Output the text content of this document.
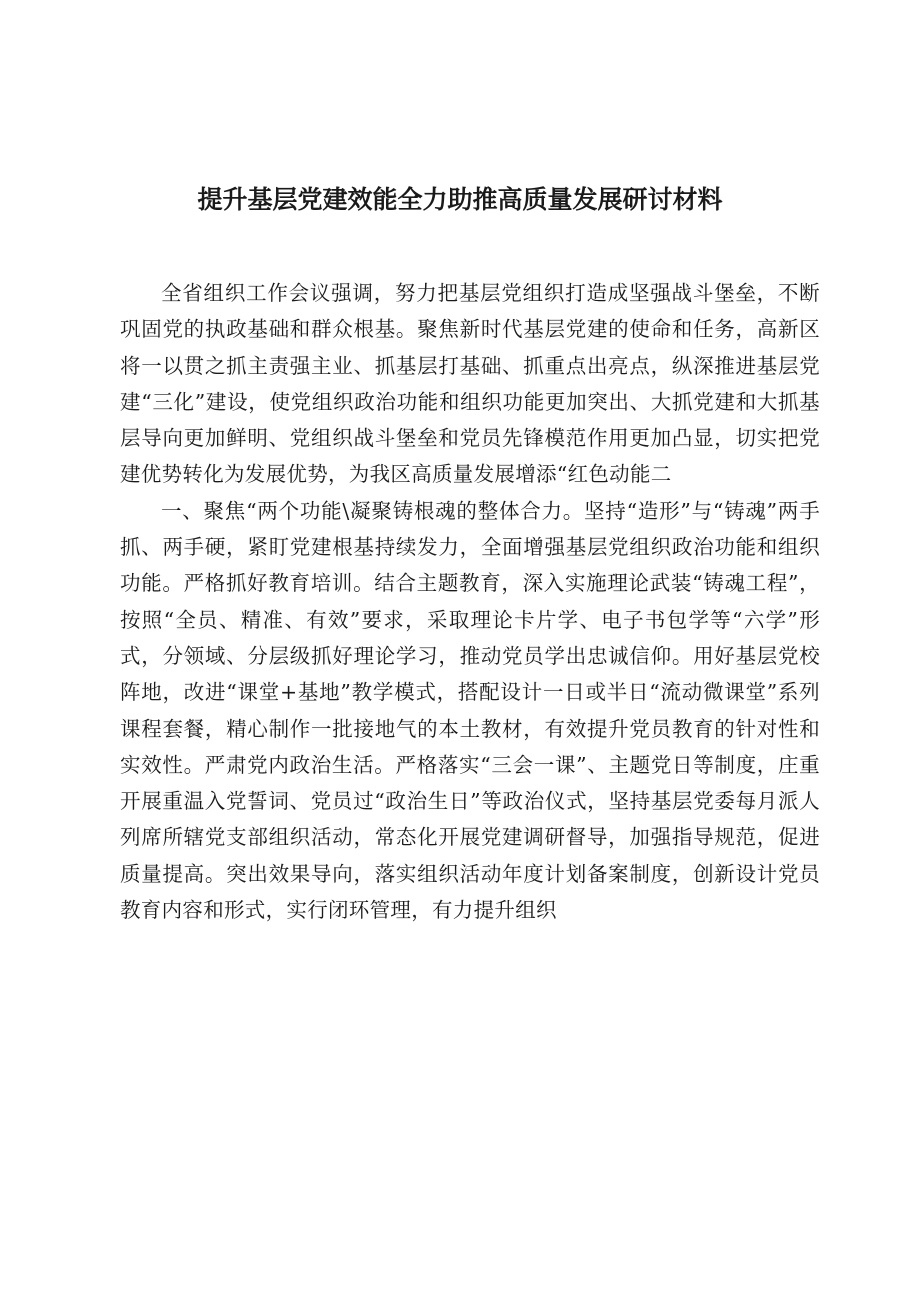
提升基层党建效能全力助推高质量发展研讨材料

全省组织工作会议强调，努力把基层党组织打造成坚强战斗堡垒，不断巩固党的执政基础和群众根基。聚焦新时代基层党建的使命和任务，高新区将一以贯之抓主责强主业、抓基层打基础、抓重点出亮点，纵深推进基层党建“三化”建设，使党组织政治功能和组织功能更加突出、大抓党建和大抓基层导向更加鲜明、党组织战斗堡垒和党员先锋模范作用更加凸显，切实把党建优势转化为发展优势，为我区高质量发展增添“红色动能二

一、聚焦“两个功能\凝聚铸根魂的整体合力。坚持“造形”与“铸魂”两手抓、两手硬，紧盯党建根基持续发力，全面增强基层党组织政治功能和组织功能。严格抓好教育培训。结合主题教育，深入实施理论武装“铸魂工程”，按照“全员、精准、有效”要求，采取理论卡片学、电子书包学等“六学”形式，分领域、分层级抓好理论学习，推动党员学出忠诚信仰。用好基层党校阵地，改进“课堂+基地”教学模式，搭配设计一日或半日“流动微课堂”系列课程套餐，精心制作一批接地气的本土教材，有效提升党员教育的针对性和实效性。严肃党内政治生活。严格落实“三会一课”、主题党日等制度，庄重开展重温入党誓词、党员过“政治生日”等政治仪式，坚持基层党委每月派人列席所辖党支部组织活动，常态化开展党建调研督导，加强指导规范，促进质量提高。突出效果导向，落实组织活动年度计划备案制度，创新设计党员教育内容和形式，实行闭环管理，有力提升组织
